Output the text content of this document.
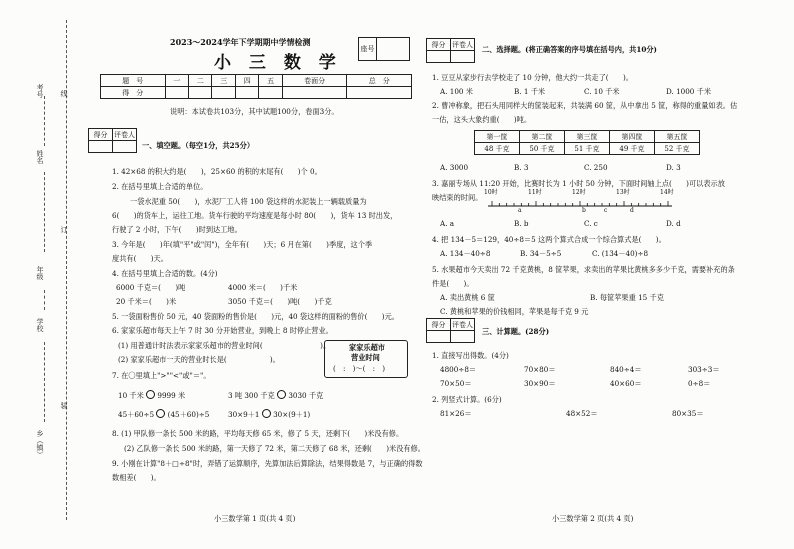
考号
姓名
年级
学校
乡（镇）
线
订
装
2023～2024学年下学期期中学情检测
座号	
小 三 数 学
题　号	一	二	三	四	五	卷面分	总　分
得　分							
说明：本试卷共103分，其中试题100分，卷面3分。
得分	评卷人

一、填空题。（每空1分，共25分）
1. 42×68 的积大约是(　　)，25×60 的积的末尾有(　　)个 0。
2. 在括号里填上合适的单位。
一袋水泥重 50(　　)，水泥厂工人将 100 袋这样的水泥装上一辆载质量为
6(　　)的货车上，运往工地。货车行驶的平均速度是每小时 80(　　)，货车 13 时出发，
行驶了 2 小时，下午(　　)时到达工地。
3. 今年是(　　)年(填"平"或"闰")，全年有(　　)天；6 月在第(　　)季度，这个季
度共有(　　)天。
4. 在括号里填上合适的数。(4分)
6000 千克＝(　　)吨	4000 米＝(　　)千米
20 千米＝(　　)米	3050 千克＝(　　)吨(　　)千克
5. 一袋面粉售价 50 元，40 袋面粉的售价是(　　)元，40 袋这样的面粉的售价(　　)元。
6. 家家乐超市每天上午 7 时 30 分开始营业，到晚上 8 时停止营业。
(1) 用普通计时法表示家家乐超市的营业时间(　　　　　　　　)。
(2) 家家乐超市一天的营业时长是(　　　　　　)。
家家乐超市
营业时间
(　:　)～(　:　)
7. 在〇里填上">""<"或"＝"。
10 千米 9999 米	3 吨 300 千克 3030 千克
45＋60÷5 (45＋60)÷5	30×9＋1 30×(9＋1)
8. (1) 甲队修一条长 500 米的路，平均每天修 65 米，修了 5 天，还剩下(　　)米没有修。
(2) 乙队修一条长 500 米的路，第一天修了 72 米，第二天修了 68 米，还剩(　　)米没有修。
9. 小刚在计算"8＋□÷8"时，弄错了运算顺序，先算加法后算除法，结果得数是 7，与正确的得数
数相差(　　)。
小三数学第 1 页(共 4 页)
得分	评卷人

二、选择题。(将正确答案的序号填在括号内，共10分)
1. 豆豆从家步行去学校走了 10 分钟，他大约一共走了(　　)。
A. 100 米	B. 1 千米	C. 10 千米	D. 1000 千米
2. 曹冲称象，把石头用同样大的筐装起来，共装满 60 筐，从中拿出 5 筐，称得的重量如表。估
一估，这头大象约重(　　)吨。
第一筐	第二筐	第三筐	第四筐	第五筐
48 千克	50 千克	51 千克	49 千克	52 千克
A. 3000	B. 3	C. 250	D. 3
3. 嘉丽专场从 11:20 开始，比赛时长为 1 小时 50 分钟，下面时间轴上点(　　)可以表示放
映结束的时间。
10时	11时	12时	13时	14时
a	b	c	d
A. a	B. b	C. c	D. d
4. 把 134－5＝129，40÷8＝5 这两个算式合成一个综合算式是(　　)。
A. 134－40÷8	B. 34－5÷5	C. (134－40)÷8
5. 水果超市今天卖出 72 千克黄桃，8 筐苹果，求卖出的苹果比黄桃多多少千克，需要补充的条
件是(　　)。
A. 卖出黄桃 6 筐	B. 每筐苹果重 15 千克
C. 黄桃和苹果的价钱相同，苹果是每千克 9 元
得分	评卷人

三、计算题。(28分)
1. 直接写出得数。(4分)
4800÷8＝	70×80＝	840÷4＝	303÷3＝
70×50＝	30×90＝	40×60＝	0÷8＝
2. 列竖式计算。(6分)
81×26＝	48×52＝	80×35＝
小三数学第 2 页(共 4 页)
